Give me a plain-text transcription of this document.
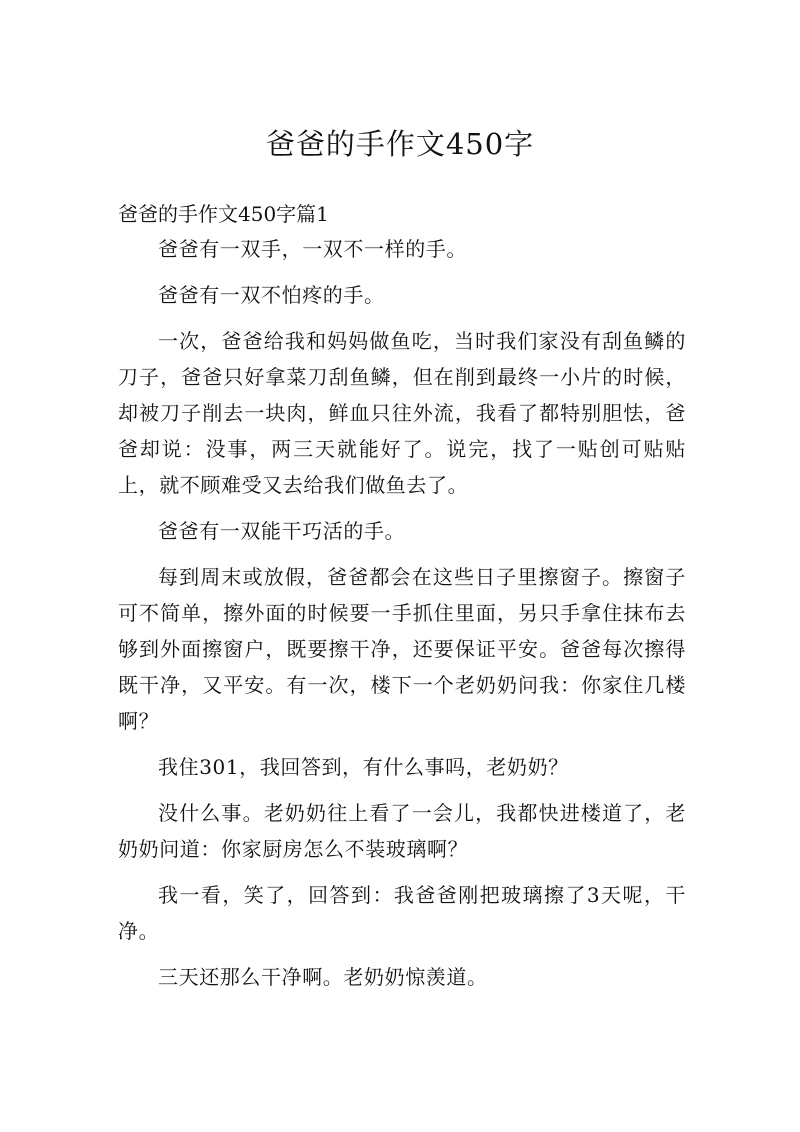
爸爸的手作文450字
爸爸的手作文450字篇1

爸爸有一双手，一双不一样的手。

爸爸有一双不怕疼的手。

一次，爸爸给我和妈妈做鱼吃，当时我们家没有刮鱼鳞的刀子，爸爸只好拿菜刀刮鱼鳞，但在削到最终一小片的时候，却被刀子削去一块肉，鲜血只往外流，我看了都特别胆怯，爸爸却说：没事，两三天就能好了。说完，找了一贴创可贴贴上，就不顾难受又去给我们做鱼去了。

爸爸有一双能干巧活的手。

每到周末或放假，爸爸都会在这些日子里擦窗子。擦窗子可不简单，擦外面的时候要一手抓住里面，另只手拿住抹布去够到外面擦窗户，既要擦干净，还要保证平安。爸爸每次擦得既干净，又平安。有一次，楼下一个老奶奶问我：你家住几楼啊？

我住301，我回答到，有什么事吗，老奶奶？

没什么事。老奶奶往上看了一会儿，我都快进楼道了，老奶奶问道：你家厨房怎么不装玻璃啊？

我一看，笑了，回答到：我爸爸刚把玻璃擦了3天呢，干净。

三天还那么干净啊。老奶奶惊羡道。
